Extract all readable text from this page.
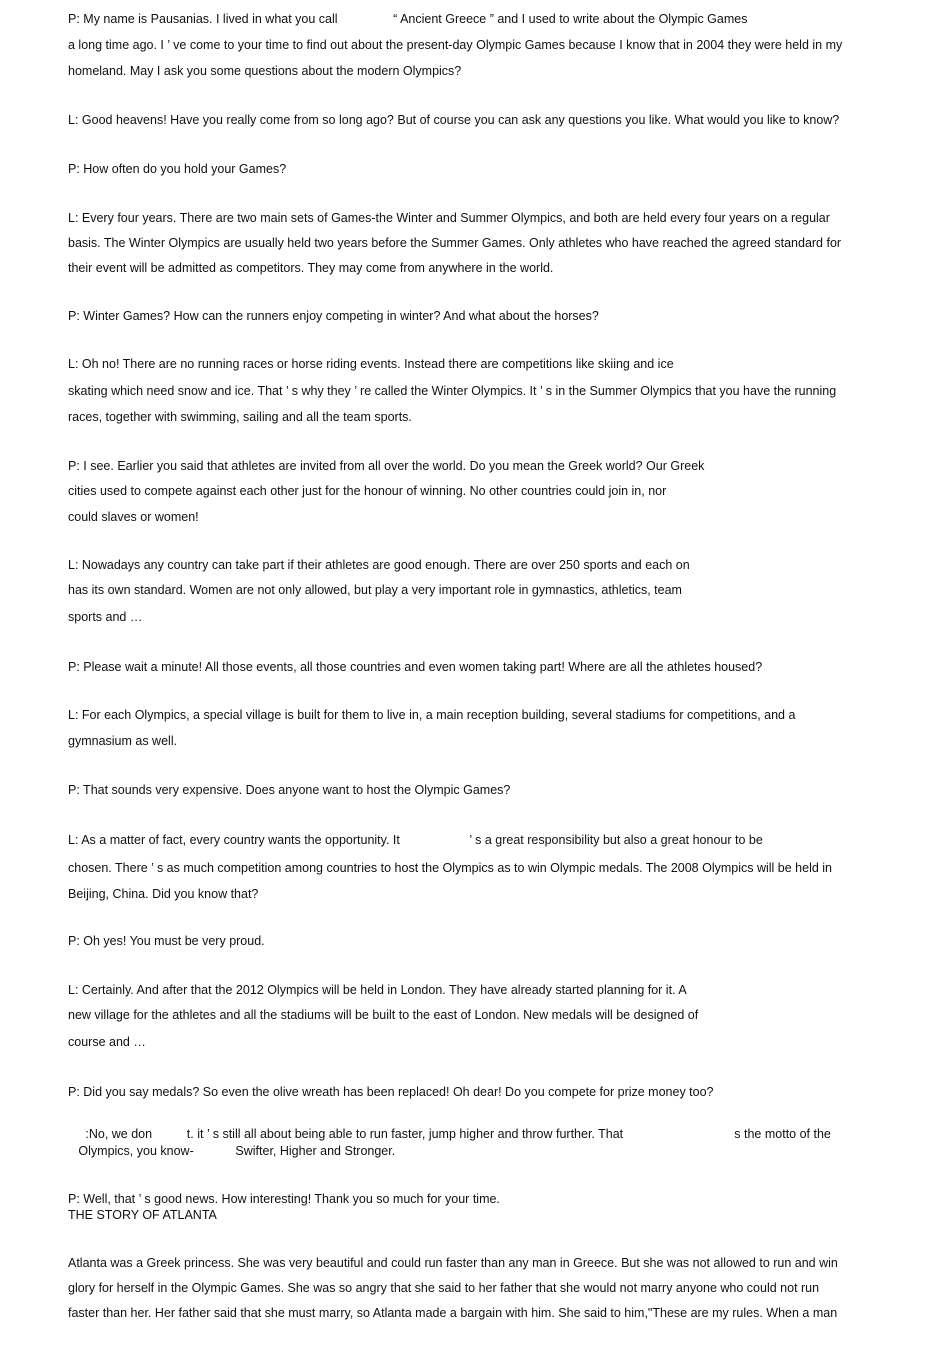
P: My name is Pausanias. I lived in what you call                “ Ancient Greece ” and I used to write about the Olympic Games

a long time ago. I ’ ve come to your time to find out about the present-day Olympic Games because I know that in 2004 they were held in my

homeland. May I ask you some questions about the modern Olympics?

L: Good heavens! Have you really come from so long ago? But of course you can ask any questions you like. What would you like to know?

P: How often do you hold your Games?

L: Every four years. There are two main sets of Games-the Winter and Summer Olympics, and both are held every four years on a regular

basis. The Winter Olympics are usually held two years before the Summer Games. Only athletes who have reached the agreed standard for

their event will be admitted as competitors. They may come from anywhere in the world.

P: Winter Games? How can the runners enjoy competing in winter? And what about the horses?

L: Oh no! There are no running races or horse riding events. Instead there are competitions like skiing and ice

skating which need snow and ice. That ’ s why they ’ re called the Winter Olympics. It ’ s in the Summer Olympics that you have the running

races, together with swimming, sailing and all the team sports.

P: I see. Earlier you said that athletes are invited from all over the world. Do you mean the Greek world? Our Greek

cities used to compete against each other just for the honour of winning. No other countries could join in, nor

could slaves or women!

L: Nowadays any country can take part if their athletes are good enough. There are over 250 sports and each on

has its own standard. Women are not only allowed, but play a very important role in gymnastics, athletics, team

sports and …

P: Please wait a minute! All those events, all those countries and even women taking part! Where are all the athletes housed?

L: For each Olympics, a special village is built for them to live in, a main reception building, several stadiums for competitions, and a

gymnasium as well.

P: That sounds very expensive. Does anyone want to host the Olympic Games?

L: As a matter of fact, every country wants the opportunity. It                    ’ s a great responsibility but also a great honour to be

chosen. There ’ s as much competition among countries to host the Olympics as to win Olympic medals. The 2008 Olympics will be held in

Beijing, China. Did you know that?

P: Oh yes! You must be very proud.

L: Certainly. And after that the 2012 Olympics will be held in London. They have already started planning for it. A

new village for the athletes and all the stadiums will be built to the east of London. New medals will be designed of

course and …

P: Did you say medals? So even the olive wreath has been replaced! Oh dear! Do you compete for prize money too?

:No, we don          t. it ’ s still all about being able to run faster, jump higher and throw further. That                                s the motto of the

Olympics, you know-            Swifter, Higher and Stronger.

P: Well, that ’ s good news. How interesting! Thank you so much for your time.

THE STORY OF ATLANTA

Atlanta was a Greek princess. She was very beautiful and could run faster than any man in Greece. But she was not allowed to run and win

glory for herself in the Olympic Games. She was so angry that she said to her father that she would not marry anyone who could not run

faster than her. Her father said that she must marry, so Atlanta made a bargain with him. She said to him,"These are my rules. When a man
